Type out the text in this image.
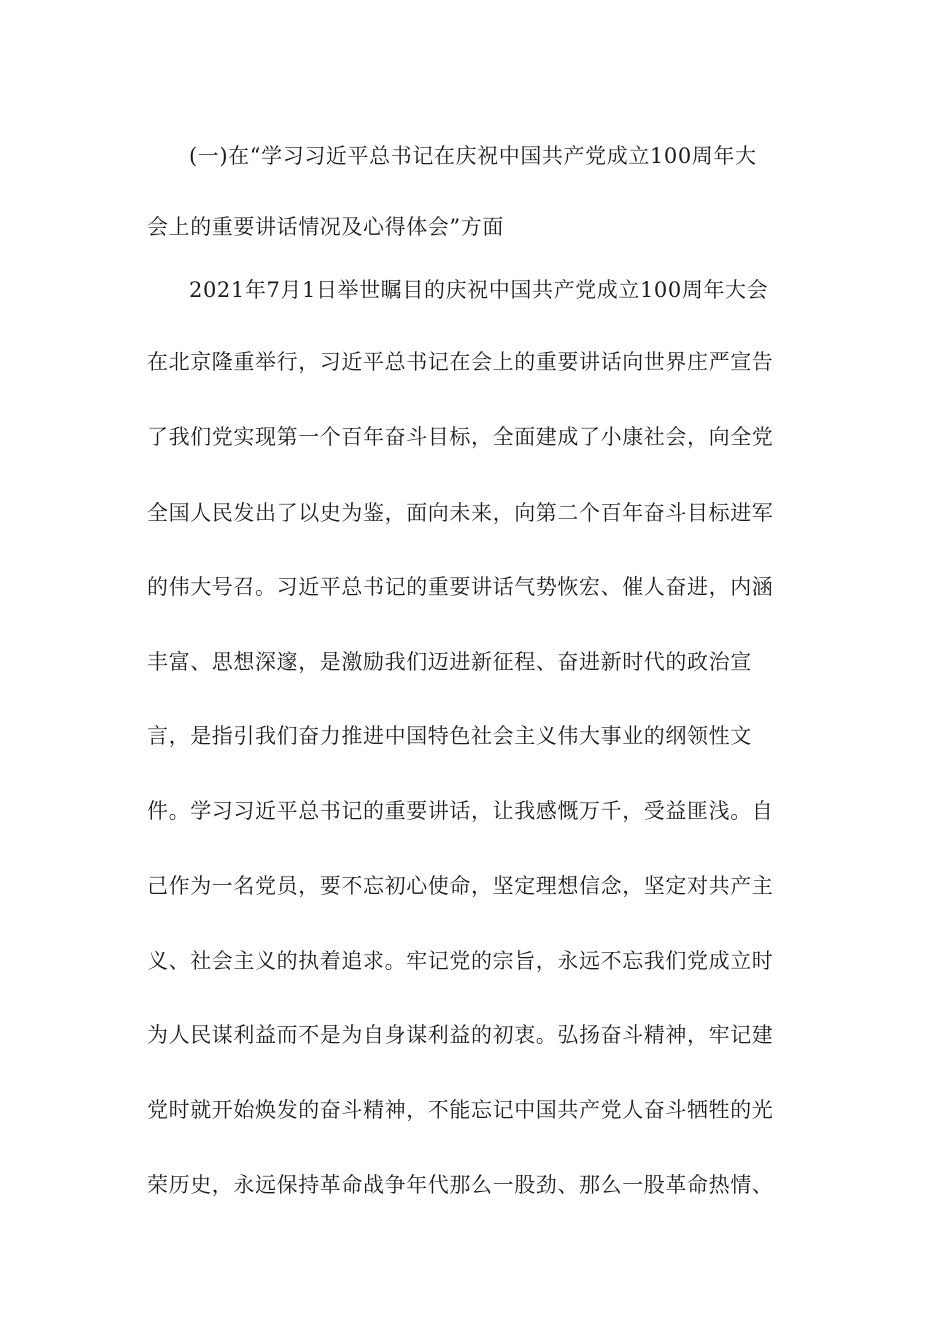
(一)在“学习习近平总书记在庆祝中国共产党成立100周年大
会上的重要讲话情况及心得体会”方面
2021年7月1日举世瞩目的庆祝中国共产党成立100周年大会
在北京隆重举行，习近平总书记在会上的重要讲话向世界庄严宣告
了我们党实现第一个百年奋斗目标，全面建成了小康社会，向全党
全国人民发出了以史为鉴，面向未来，向第二个百年奋斗目标进军
的伟大号召。习近平总书记的重要讲话气势恢宏、催人奋进，内涵
丰富、思想深邃，是激励我们迈进新征程、奋进新时代的政治宣
言，是指引我们奋力推进中国特色社会主义伟大事业的纲领性文
件。学习习近平总书记的重要讲话，让我感慨万千，受益匪浅。自
己作为一名党员，要不忘初心使命，坚定理想信念，坚定对共产主
义、社会主义的执着追求。牢记党的宗旨，永远不忘我们党成立时
为人民谋利益而不是为自身谋利益的初衷。弘扬奋斗精神，牢记建
党时就开始焕发的奋斗精神，不能忘记中国共产党人奋斗牺牲的光
荣历史，永远保持革命战争年代那么一股劲、那么一股革命热情、
